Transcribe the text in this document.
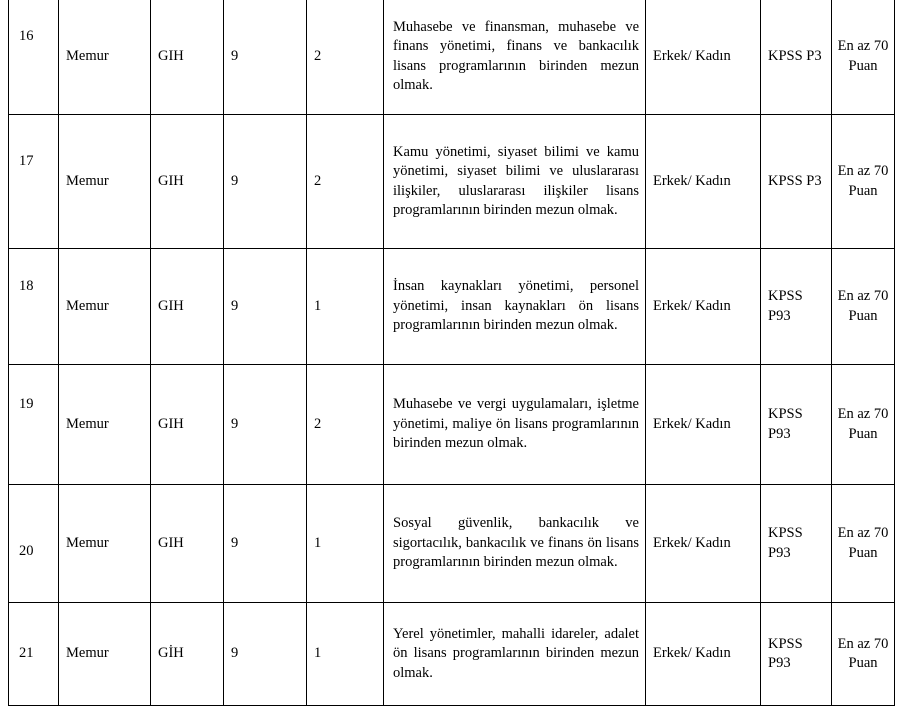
16	Memur	GIH	9	2	Muhasebe ve finansman, muhasebe ve finans yönetimi, finans ve bankacılık lisans programlarının birinden mezun olmak.	Erkek/ Kadın	KPSS P3	En az 70 Puan
17	Memur	GIH	9	2	Kamu yönetimi, siyaset bilimi ve kamu yönetimi, siyaset bilimi ve uluslararası ilişkiler, uluslararası ilişkiler lisans programlarının birinden mezun olmak.	Erkek/ Kadın	KPSS P3	En az 70 Puan
18	Memur	GIH	9	1	İnsan kaynakları yönetimi, personel yönetimi, insan kaynakları ön lisans programlarının birinden mezun olmak.	Erkek/ Kadın	KPSS P93	En az 70 Puan
19	Memur	GIH	9	2	Muhasebe ve vergi uygulamaları, işletme yönetimi, maliye ön lisans programlarının birinden mezun olmak.	Erkek/ Kadın	KPSS P93	En az 70 Puan
20	Memur	GIH	9	1	Sosyal güvenlik, bankacılık ve sigortacılık, bankacılık ve finans ön lisans programlarının birinden mezun olmak.	Erkek/ Kadın	KPSS P93	En az 70 Puan
21	Memur	GİH	9	1	Yerel yönetimler, mahalli idareler, adalet ön lisans programlarının birinden mezun olmak.	Erkek/ Kadın	KPSS P93	En az 70 Puan
